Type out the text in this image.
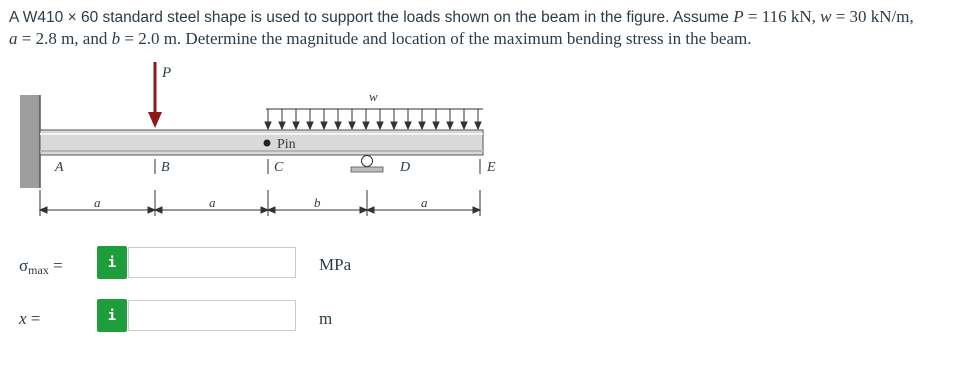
A W410 × 60 standard steel shape is used to support the loads shown on the beam in the figure. Assume P = 116 kN, w = 30 kN/m,
a = 2.8 m, and b = 2.0 m. Determine the magnitude and location of the maximum bending stress in the beam.
P
w
Pin
A	B	C	D	E
a	a	b	a
$\sigma_{max}$ =	i	MPa
x =	i	m
